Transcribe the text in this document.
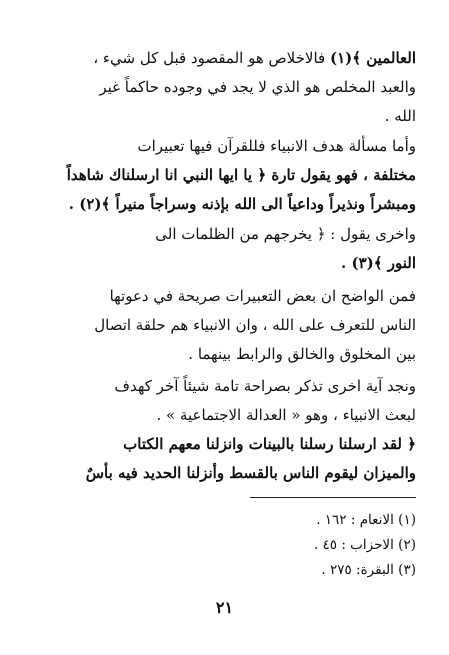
العالمين ﴾(١) فالاخلاص هو المقصود قبل كل شيء ،
والعبد المخلص هو الذي لا يجد في وجوده حاكماً غير
الله .
وأما مسألة هدف الانبياء فللقرآن فيها تعبيرات
مختلفة ، فهو يقول تارة ﴿ يا ايها النبي انا ارسلناك شاهداً
ومبشراً ونذيراً وداعياً الى الله بإذنه وسراجاً منيراً ﴾(٢) .
واخرى يقول : ﴿ يخرجهم من الظلمات الى
النور ﴾(٣) .
فمن الواضح ان بعض التعبيرات صريحة في دعوتها
الناس للتعرف على الله ، وان الانبياء هم حلقة اتصال
بين المخلوق والخالق والرابط بينهما .
ونجد آية اخرى تذكر بصراحة تامة شيئاً آخر كهدف
لبعث الانبياء ، وهو « العدالة الاجتماعية » .
﴿ لقد ارسلنا رسلنا بالبينات وانزلنا معهم الكتاب
والميزان ليقوم الناس بالقسط وأنزلنا الحديد فيه بأسٌ
(١) الانعام : ١٦٢ .
(٢) الاحزاب : ٤٥ .
(٣) البقرة: ٢٧٥ .
٢١
